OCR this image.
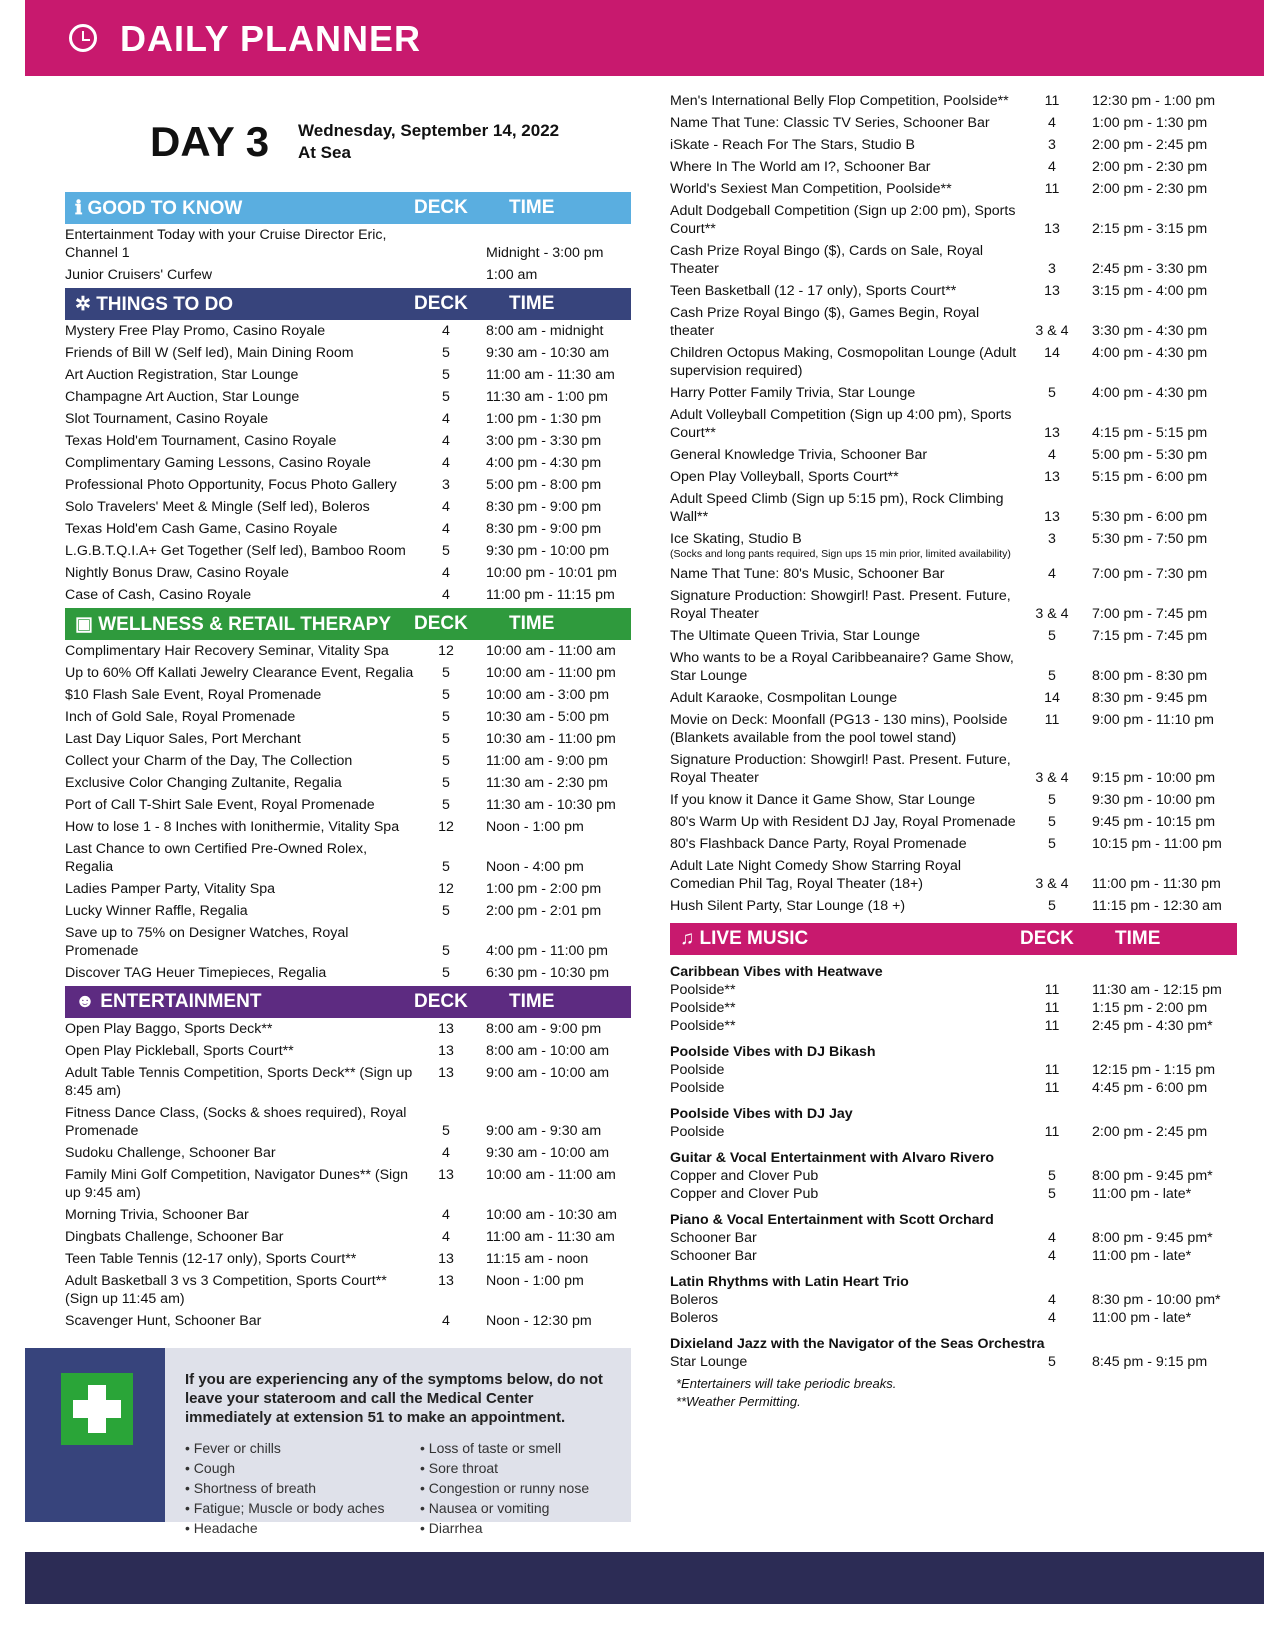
DAILY PLANNER
DAY 3 Wednesday, September 14, 2022
At Sea
ℹ GOOD TO KNOW	DECK	TIME
Entertainment Today with your Cruise Director Eric, Channel 1	Midnight - 3:00 pm
Junior Cruisers' Curfew	1:00 am
✲ THINGS TO DO	DECK	TIME
Mystery Free Play Promo, Casino Royale	4	8:00 am - midnight
Friends of Bill W (Self led), Main Dining Room	5	9:30 am - 10:30 am
Art Auction Registration, Star Lounge	5	11:00 am - 11:30 am
Champagne Art Auction, Star Lounge	5	11:30 am - 1:00 pm
Slot Tournament, Casino Royale	4	1:00 pm - 1:30 pm
Texas Hold'em Tournament, Casino Royale	4	3:00 pm - 3:30 pm
Complimentary Gaming Lessons, Casino Royale	4	4:00 pm - 4:30 pm
Professional Photo Opportunity, Focus Photo Gallery	3	5:00 pm - 8:00 pm
Solo Travelers' Meet & Mingle (Self led), Boleros	4	8:30 pm - 9:00 pm
Texas Hold'em Cash Game, Casino Royale	4	8:30 pm - 9:00 pm
L.G.B.T.Q.I.A+ Get Together (Self led), Bamboo Room	5	9:30 pm - 10:00 pm
Nightly Bonus Draw, Casino Royale	4	10:00 pm - 10:01 pm
Case of Cash, Casino Royale	4	11:00 pm - 11:15 pm
▣ WELLNESS & RETAIL THERAPY	DECK	TIME
Complimentary Hair Recovery Seminar, Vitality Spa	12	10:00 am - 11:00 am
Up to 60% Off Kallati Jewelry Clearance Event, Regalia	5	10:00 am - 11:00 pm
$10 Flash Sale Event, Royal Promenade	5	10:00 am - 3:00 pm
Inch of Gold Sale, Royal Promenade	5	10:30 am - 5:00 pm
Last Day Liquor Sales, Port Merchant	5	10:30 am - 11:00 pm
Collect your Charm of the Day, The Collection	5	11:00 am - 9:00 pm
Exclusive Color Changing Zultanite, Regalia	5	11:30 am - 2:30 pm
Port of Call T-Shirt Sale Event, Royal Promenade	5	11:30 am - 10:30 pm
How to lose 1 - 8 Inches with Ionithermie, Vitality Spa	12	Noon - 1:00 pm
Last Chance to own Certified Pre-Owned Rolex, Regalia	5	Noon - 4:00 pm
Ladies Pamper Party, Vitality Spa	12	1:00 pm - 2:00 pm
Lucky Winner Raffle, Regalia	5	2:00 pm - 2:01 pm
Save up to 75% on Designer Watches, Royal Promenade	5	4:00 pm - 11:00 pm
Discover TAG Heuer Timepieces, Regalia	5	6:30 pm - 10:30 pm
☻ ENTERTAINMENT	DECK	TIME
Open Play Baggo, Sports Deck**	13	8:00 am - 9:00 pm
Open Play Pickleball, Sports Court**	13	8:00 am - 10:00 am
Adult Table Tennis Competition, Sports Deck** (Sign up 8:45 am)
13	9:00 am - 10:00 am
Fitness Dance Class, (Socks & shoes required), Royal Promenade	5	9:00 am - 9:30 am
Sudoku Challenge, Schooner Bar	4	9:30 am - 10:00 am
Family Mini Golf Competition, Navigator Dunes** (Sign up 9:45 am)
13	10:00 am - 11:00 am
Morning Trivia, Schooner Bar	4	10:00 am - 10:30 am
Dingbats Challenge, Schooner Bar	4	11:00 am - 11:30 am
Teen Table Tennis (12-17 only), Sports Court**	13	11:15 am - noon
Adult Basketball 3 vs 3 Competition, Sports Court** (Sign up 11:45 am)
13	Noon - 1:00 pm
Scavenger Hunt, Schooner Bar	4	Noon - 12:30 pm
Men's International Belly Flop Competition, Poolside**	11	12:30 pm - 1:00 pm
Name That Tune: Classic TV Series, Schooner Bar	4	1:00 pm - 1:30 pm
iSkate - Reach For The Stars, Studio B	3	2:00 pm - 2:45 pm
Where In The World am I?, Schooner Bar	4	2:00 pm - 2:30 pm
World's Sexiest Man Competition, Poolside**	11	2:00 pm - 2:30 pm
Adult Dodgeball Competition (Sign up 2:00 pm), Sports Court**	13	2:15 pm - 3:15 pm
Cash Prize Royal Bingo ($), Cards on Sale, Royal Theater	3	2:45 pm - 3:30 pm
Teen Basketball (12 - 17 only), Sports Court**	13	3:15 pm - 4:00 pm
Cash Prize Royal Bingo ($), Games Begin, Royal theater	3 & 4	3:30 pm - 4:30 pm
Children Octopus Making, Cosmopolitan Lounge (Adult supervision required)
14	4:00 pm - 4:30 pm
Harry Potter Family Trivia, Star Lounge	5	4:00 pm - 4:30 pm
Adult Volleyball Competition (Sign up 4:00 pm), Sports Court**	13	4:15 pm - 5:15 pm
General Knowledge Trivia, Schooner Bar	4	5:00 pm - 5:30 pm
Open Play Volleyball, Sports Court**	13	5:15 pm - 6:00 pm
Adult Speed Climb (Sign up 5:15 pm), Rock Climbing Wall**	13	5:30 pm - 6:00 pm
Ice Skating, Studio B
(Socks and long pants required, Sign ups 15 min prior, limited availability)
3	5:30 pm - 7:50 pm
Name That Tune: 80's Music, Schooner Bar	4	7:00 pm - 7:30 pm
Signature Production: Showgirl! Past. Present. Future, Royal Theater	3 & 4	7:00 pm - 7:45 pm
The Ultimate Queen Trivia, Star Lounge	5	7:15 pm - 7:45 pm
Who wants to be a Royal Caribbeanaire? Game Show, Star Lounge	5	8:00 pm - 8:30 pm
Adult Karaoke, Cosmpolitan Lounge	14	8:30 pm - 9:45 pm
Movie on Deck: Moonfall (PG13 - 130 mins), Poolside (Blankets available from the pool towel stand)
11	9:00 pm - 11:10 pm
Signature Production: Showgirl! Past. Present. Future, Royal Theater	3 & 4	9:15 pm - 10:00 pm
If you know it Dance it Game Show, Star Lounge	5	9:30 pm - 10:00 pm
80's Warm Up with Resident DJ Jay, Royal Promenade	5	9:45 pm - 10:15 pm
80's Flashback Dance Party, Royal Promenade	5	10:15 pm - 11:00 pm
Adult Late Night Comedy Show Starring Royal Comedian Phil Tag, Royal Theater (18+)	3 & 4	11:00 pm - 11:30 pm
Hush Silent Party, Star Lounge (18 +)	5	11:15 pm - 12:30 am
♫ LIVE MUSIC	DECK	TIME
Caribbean Vibes with Heatwave
Poolside**	11	11:30 am - 12:15 pm
Poolside**	11	1:15 pm - 2:00 pm
Poolside**	11	2:45 pm - 4:30 pm*
Poolside Vibes with DJ Bikash
Poolside	11	12:15 pm - 1:15 pm
Poolside	11	4:45 pm - 6:00 pm
Poolside Vibes with DJ Jay
Poolside	11	2:00 pm - 2:45 pm
Guitar & Vocal Entertainment with Alvaro Rivero
Copper and Clover Pub	5	8:00 pm - 9:45 pm*
Copper and Clover Pub	5	11:00 pm - late*
Piano & Vocal Entertainment with Scott Orchard
Schooner Bar	4	8:00 pm - 9:45 pm*
Schooner Bar	4	11:00 pm - late*
Latin Rhythms with Latin Heart Trio
Boleros	4	8:30 pm - 10:00 pm*
Boleros	4	11:00 pm - late*
Dixieland Jazz with the Navigator of the Seas Orchestra
Star Lounge	5	8:45 pm - 9:15 pm
*Entertainers will take periodic breaks.
**Weather Permitting.
If you are experiencing any of the symptoms below, do not leave your stateroom and call the Medical Center immediately at extension 51 to make an appointment.
• Fever or chills
• Cough
• Shortness of breath
• Fatigue; Muscle or body aches
• Headache
• Loss of taste or smell
• Sore throat
• Congestion or runny nose
• Nausea or vomiting
• Diarrhea
